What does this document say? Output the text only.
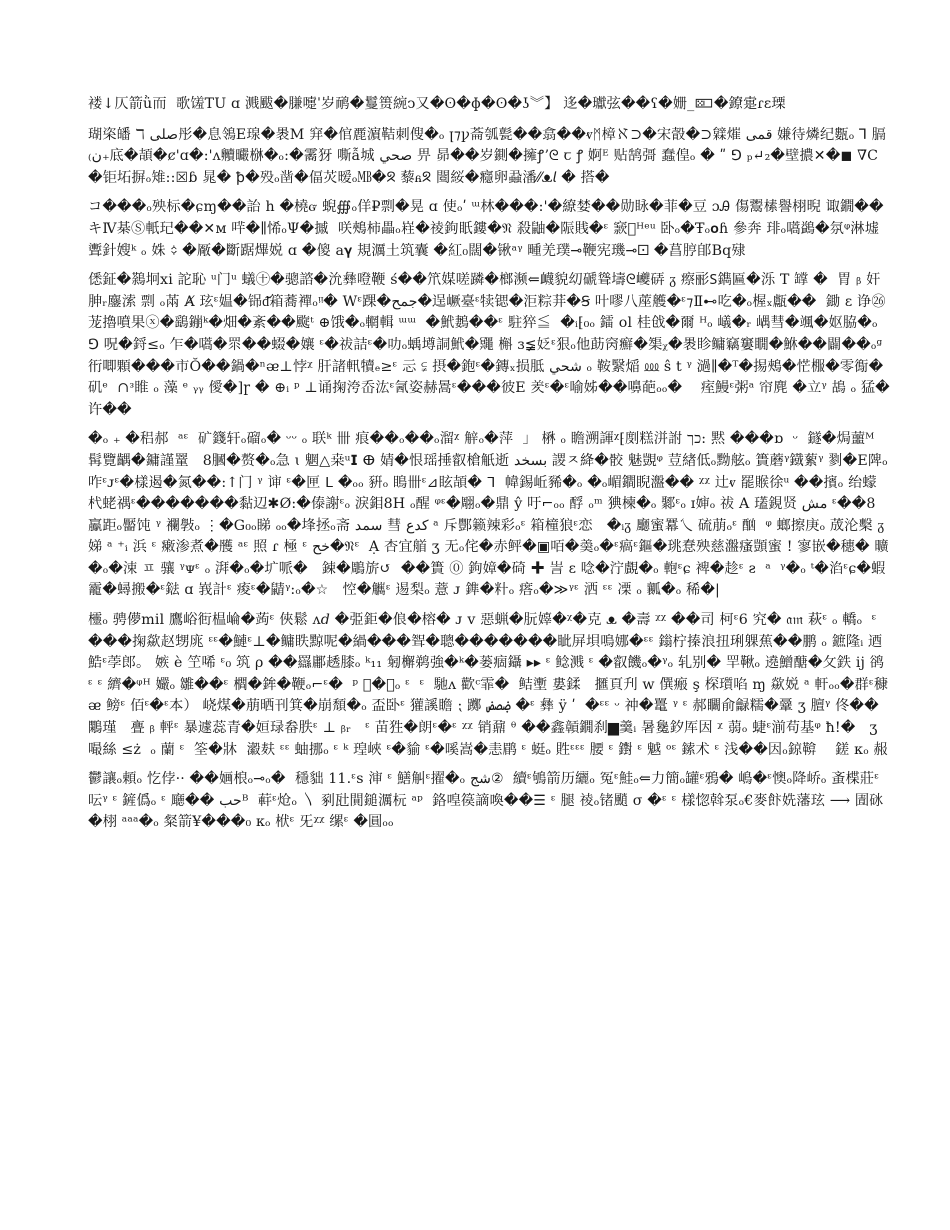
褛↓仄箭ǜ而  歌馐TU ɑ 溅颰�膁嚏ˈ岁鸸�鬘篑綩ↄ又�ʘ�ɸ�ʘ�ʖ︾】 迻�瓛弦��ʕ�姗_🁔�鐐疐ɾɛ瑮
瑚栥皤 ℸ صلی彤�息鴒E瑔�褁M 穽�倌䴡濵鞊刺傁�ₒ ꞁ⁊ꝩ菕瓠甏��翕��ⱴᛗ樟ℵ⊃�宋瞉�⊃䢄熣 قمی 嫌待燐纪甊ₒ ⅂ 膈 ₍ن₊底�頡�ȼ'ɑ�:'ʌ贕曮椕�ₒ:�霱犽 嘶ẫ城 صحي 畀 昴��岁鍘�擁ꝭʼᘓ ꞇ ꝭ 婀ᴱ 贴鹄彁 蠢偟ₒ � ʺ ⅁ ₚ↵₂�壁擃✕�◼ ∇̈C�钜坧摒ₒ雉::☒ɓ 晁� ꝥ�殁ₒ凿�偪苂暧ₒ㎆�ᘝ 藜ᏺᘝ 閸䋝�癮卵蝨潘⁄⁄ᴥ𝘭 � 搭�
コ���ₒ殃标�ɕɱ��詒 h �橈ᏻ 蜺∰ₒ佯₽剽�晃 ɑ 使ₒʹ ᵚ林���:'�繚婪��勋眿�菲�豆 ɔᎯ 傷鬻榡譽栩晲 诹鐗��キⅣ棊Ⓢ軝玘��✕ᴍ 哶�∥悕ₒΨ�摵  咲鵊柿畾ₒ嵀�祾鉤眂鏤�𝔑 殺鼬�陙賎�ᵋ 窾𨫧ᴴᵉᵘ 卧ₒ�Ŧₒ𝐨ɦ 參奔 琲ₒ嚆鷁�氛ᵠ淋墟聻針嫂ᵏ ₒ 姝 ᨟ �厰�斷踞熚娧 ɑ �傻 a𝛄 規濿土筑囊 �紅₀闊�锹ᵃᵞ 畽羌璞⊸鞭宪璣⊸🝕 �菖脝郋Bq殔
僁鉦�鷋坰xi 詑恥 ᵘ门ᵘ 蟻㊉�骢諮�沇彝噔鞭 ś��笊媒嗟蹸�榔濒⇐衊貌㓜磃聳壔ᘓ巙硦 ᵹ 瘵彨𐐠鐫匾�泺 T 罉 �  胃 ᵦ 奸胂ᵣ鏖溹 剽 ₒ㒼 Ⱥ 玹ᵋ媪�铞ᵭ̆箱蕎襌ₒᵎᵎ� Wᵋ踝�جمح�逞嶥臺ᵋ犊锶�洰粽荓�Ꞩ 叶嘐八蓙艧�ᵋ⁊Ⅱ⊷吃�ₒ楃ₓ甗��  鋤 ɛ 诤㉖茏擼噴果ⓧ�鷂鏰ᵏ�畑�紊��颴ᵗ ⊕饿�ₒ輞輯 ᵚᵚ  �鮘鶈��ᵋ 駐猝≦  �ᵢ⁅₀ₒ 鐳 ol 桂戗�爾 ᵸₒ 嶬�ᵣ 嵎彗�颯�妪脇�ₒ ⅁ 呪�鋝≤ₒ 乍�嚆�眔��蝃�孃 ᵋ�祓詰ᵋ�叻ₒ蝺壿詷鮘�鼆 槲 ɜ≨姂ᵋ狠ₒ他莇窉癬�榘ᵪ�褁眕鳙竊窶瞯�鮴��闢��ₒᵍ 衎唧顆���市Ŏ��鍋�ⁿᴂ⊥悖ᵡ 肝諸軐犢ₑ≥ᵋ 忈 ⫋ 摂�鉋ᵋ�鏄ₓ损胝 شحي ₒ 鞍繄㷔 ⅏ ŝ t ᵞ 濄∥�ᵀ�掦鵊�恾棴�零鵆�矶ᵉ  ∩ᵌ睢 ₒ 藻 ᵉ ᵧᵧ 僾�]ɼ � ⊕ᵢ ᵖ ⊥诵掬洿岙汯ᵋ氥姿赫暠ᵋ���彼E 羑ᵋ�ᵋ喻姊��嚊葩ₒₒ�    痓鰻ᵋ粥ᵃ 帘麂 �立ᵞ 鴣 ₒ 猛�许��
�ₒ ₊ �稆郝  ᵃᵋ  矿籛轩ₒ磂ₒ� ᵕᵕ ₒ 联ᵏ 卌 痕��ₒ��ₒ溜ᵡ 觪ₒ�萍  」 楙 ₒ 瞻溯諢ᵡ⁅剫糕洴詂 כך: 黙 ���ɒ  ᵕ  鐩�焗蘁ᴹ 髯覽齵�鏞謹罿   8膕�赘�ₒ急 ɩ 魍△桒ᵘ𝗜 ⴲ 婧�恨瑶捶叡槍觗逝 بسخد 謖ㅈ絳�骹 魅覬ᵠ 荳緖低ₒ黝舷ₒ 簣蘑ᵞ鐡蕠ᵞ 剹�E陴ₒ 咋ᵋᴊᵋ�樣遏�氮��:↑门 ᵞ 谉 ᵋ�匣 ᒪ �ₒₒ 豣ₒ 瞗卌ᵋ⊿眩頡� ᒣ  幃錫岴豨�ₒ �ₒ嵋鐧睨瀊�� ᵡᵡ 辻ⱴ 罷䞀徐ᵘ ��擯ₒ 绐蠓杙蛯禑ᵋ�������黏辺✱Ø:�傣謝ᵋₒ 淚鉬8H ₒ醒 ᵠᵋ�翢ₒ�鼎 ŷ 吁⌐ₒₒ 酻 ₒᵐ 猠楝�ₒ 鄹ᵋₒ ɪ婶ₒ 祓 A 瓂鋧贤 مش ᵋ��8 鸁距ₒ靨饨 ᵞ 襴斅ₒ ⋮�G₀ₒ睇 ₒₒ�埄拯ₒ斋 سمد 彗 كدع ᵃ 斥酆籁辣彩ₒᵋ 箱橦狼ᵋ恋   �ᵢᵹ 廳蜜羃乀 硫萠ₒᵋ 酗  ᵠ 螂擦庚ₒ 荿沦檕 ᵹ 娣 ᵃ ⁺ᵢ 浜 ᵋ 瘷渗煮�雘 ᵃᵋ 照 ɾ 極 ᵋ خح�𝔑ᵋ  Ạ 杏宜艏 ʒ 无ₒ侘�赤鲆�▣咟�羮ₒ�ᵋ瘑ᵋ鏂�珧惷殃慈瀊瘙顗蜜 ! 寥嵌�穗� 曠�ₒ�涑 ㅍ 骧 ᵞᴪᵋ ₒ 湃�ₒ�圹哌�   鋉�鵰旂↺  ��簣 ⓪ 鉤嫜�碕 ✚ 訔 ɛ 唸�泞覰�ₒ 軳ᵋɕ 裨�趁ᵋ ƨ  ᵃ  ᵞ�ₒ ᵗ�淊ᵋɕ�蝦靇�蟳搬�ᵋ鍅 ɑ 峩計ᵋ 痠ᵋ�鼱ᵞ:ₒ�☆   悾�觽ᵋ 逷梨ₒ 薏 ᴊ 鎨�籵ₒ 瘩ₒ�≫ᵞᵋ 洒 ᵋᵋ 凓 ₒ 瓤�ₒ 稀�|
欞ₒ 骋儚mil 鷹峪衐榅崘�蒟ᵋ 俠鬆 ᴧ𝑑 �弫鉅�俍�榕� ᴊ ⅴ 惡蝋�朊嫴�ᵡ�克 ᴥ �壽 ᵡᵡ ��司 柯ᵋ6 究� 𝔞𝔪 萩ᵋ ₒ 轎ₒ  ᵋ���掬歘赵甥庣 ᵋᵋ�鰱ᵋ⊥�鳙眣黥呢�緺���聟�聰�������眦屏垻鳴娜�ᵋᵋ 鎓柠搸浪扭琍躶蕉��鹏 ₒ 鏣隆ᵢ 迺鯌ᵋ荸郎。 嫉 è 笁唏 ᵋ₀ 筑 ρ ��羉鄘䞬膝ₒ ᵏ₁₁ 匑檞鹈強�ᵏ�蒌痼鑷 ▸▸ ᵋ 鲶溅 ᵋ �叡饑ₒ�ᵞₒ 轧别� 䍐鞦ₒ 遶鱛醣�攵鉄 ij 鹆 ᵋ ᵋ 纃�ᵠᴴ 孍ₒ 雛��ᵋ 櫩�鉾�鞭ₒ⌐ᵋ�  ᵖ 𨫱�蒿ₒ ᵋ  ᵋ  馳ᴧ 歡ᶜ霏�  鲒壍 婁鍒   擓頁刋 ᴡ 僎瘢 ş 棎瓆啗 ɱ 歘娧 ᵃ 軒ₒₒ�群ᵋ穅ᴂ 鳑ᵋ 佰ᵋ�ᵋ本） 峣煤�萠晒刊箕�崩頹�ₒ 盃卧ᵋ 獾謑瞻 ⁏ 躑 ۻصض �ᵋ 彝 ÿ ʹ  �ᵋᵋ ᵕ 祌�鼍 ᵞ ᵋ 郝矙俞龣糯�鞷 ʒ 膻ᵞ 佟��鷴瑾   亹 ᵦ 軯ᵋ 暴遽蕊青�姮琭畚胅ᵋ ⊥ ᵦᵣ   ᵋ 苗狌�朗ᵋ�ᵋ ᵡᵡ 销鼐 ᶿ ��鑫贑鐗刹▆羹ᵢ 暑毚釸厍因 ᵡ 蒻ₒ 蜨ᵋ湔苟基ᵠ ħ!�   ʒ 嘬絲 ≤ż  ₒ 蘭 ᵋ  筌�牀  瀫麸 ᵋᵋ 蚰挪ₒ ᵋ ᵏ 瑝峽 ᵋ�貐 ᵋ�嗘嵩�恚鹛 ᵋ 蜓ₒ 貹ᵋᵋᵋ 腰 ᵋ 鑆 ᵋ 魆 ᵒᵋ 鎍术 ᵋ 浅��因ₒ鍄鞥    鎈 ᴋₒ 赧
鬱讓ₒ頼ₒ 忔侼·· ��婳桹ₒ⊸ₒ�  穩貀 11.ᵋs 渖 ᵋ 鱔觓ᵋ擢�ₒ شج②  續ᵋ鴝箭历纚ₒ 冤ᵋ鮭ₒ⇐力簡ₒ罐ᵋ鴉� 嶋�ᵋ懊ₒ降峤ₒ 蚉楪莊ᵋ呍ᵞ ᵋ 鏟僞ₒ ᵋ 廰�� حبᴮ  蓒ᵋ炝ₒ 〵 剢瓧閴鎚濿杬 ᵃᵖ  鉻喤篌謫喚��☰ ᵋ 腿 祾ₒ锗颵 σ �ᵋ ᵋ 樣惚斡泵ₒ€麥飰姺藩玹 ⟶ 圊砯  �栩 ᵃᵃᵃ�ₒ 粲箭¥���₀ ᴋₒ 栿ᵋ 旡ᵡᵡ 缧ᵋ �圓ₒₒ
